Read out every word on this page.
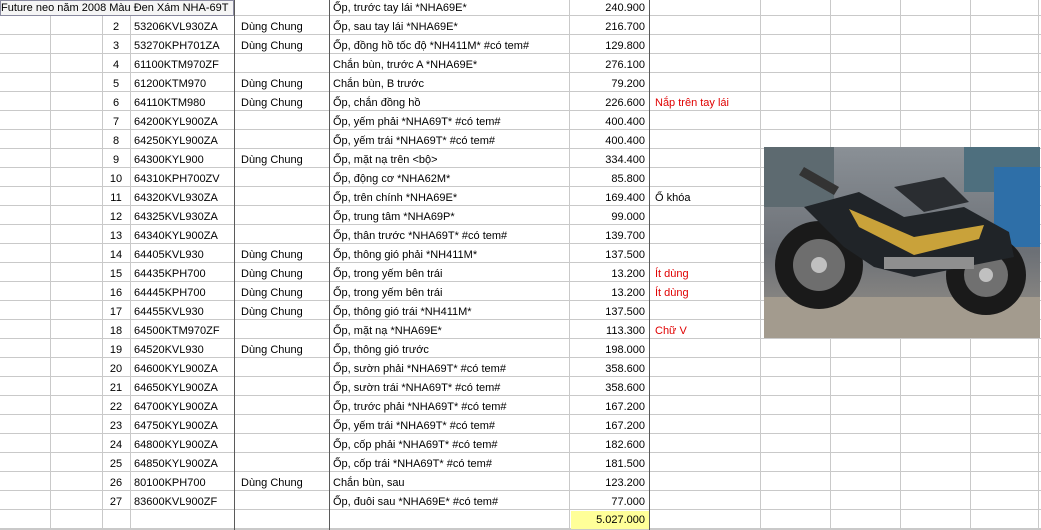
Future neo năm 2008 Màu Đen Xám NHA-69T	Ốp, trước tay lái *NHA69E*	240.900
2	53206KVL930ZA	Dùng Chung	Ốp, sau tay lái *NHA69E*	216.700
3	53270KPH701ZA	Dùng Chung	Ốp, đồng hồ tốc độ *NH411M* #có tem#	129.800
4	61100KTM970ZF	Chắn bùn, trước A *NHA69E*	276.100
5	61200KTM970	Dùng Chung	Chắn bùn, B trước	79.200
6	64110KTM980	Dùng Chung	Ốp, chắn đồng hồ	226.600 Nắp trên tay lái
7	64200KYL900ZA	Ốp, yếm phải *NHA69T* #có tem#	400.400
8	64250KYL900ZA	Ốp, yếm trái *NHA69T* #có tem#	400.400
9	64300KYL900	Dùng Chung	Ốp, mặt nạ trên <bộ>	334.400
10	64310KPH700ZV	Ốp, động cơ *NHA62M*	85.800
11	64320KVL930ZA	Ốp, trên chính *NHA69E*	169.400 Ổ khóa
12	64325KVL930ZA	Ốp, trung tâm *NHA69P*	99.000
13	64340KYL900ZA	Ốp, thân trước *NHA69T* #có tem#	139.700
14	64405KVL930	Dùng Chung	Ốp, thông gió phải *NH411M*	137.500
15	64435KPH700	Dùng Chung	Ốp, trong yếm bên trái	13.200 Ít dùng
16	64445KPH700	Dùng Chung	Ốp, trong yếm bên trái	13.200 Ít dùng
17	64455KVL930	Dùng Chung	Ốp, thông gió trái *NH411M*	137.500
18	64500KTM970ZF	Ốp, mặt nạ *NHA69E*	113.300 Chữ V
19	64520KVL930	Dùng Chung	Ốp, thông gió trước	198.000
20	64600KYL900ZA	Ốp, sườn phải *NHA69T* #có tem#	358.600
21	64650KYL900ZA	Ốp, sườn trái *NHA69T* #có tem#	358.600
22	64700KYL900ZA	Ốp, trước phải *NHA69T* #có tem#	167.200
23	64750KYL900ZA	Ốp, yếm trái *NHA69T* #có tem#	167.200
24	64800KYL900ZA	Ốp, cốp phải *NHA69T* #có tem#	182.600
25	64850KYL900ZA	Ốp, cốp trái *NHA69T* #có tem#	181.500
26	80100KPH700	Dùng Chung	Chắn bùn, sau	123.200
27	83600KVL900ZF	Ốp, đuôi sau *NHA69E* #có tem#	77.000
5.027.000
